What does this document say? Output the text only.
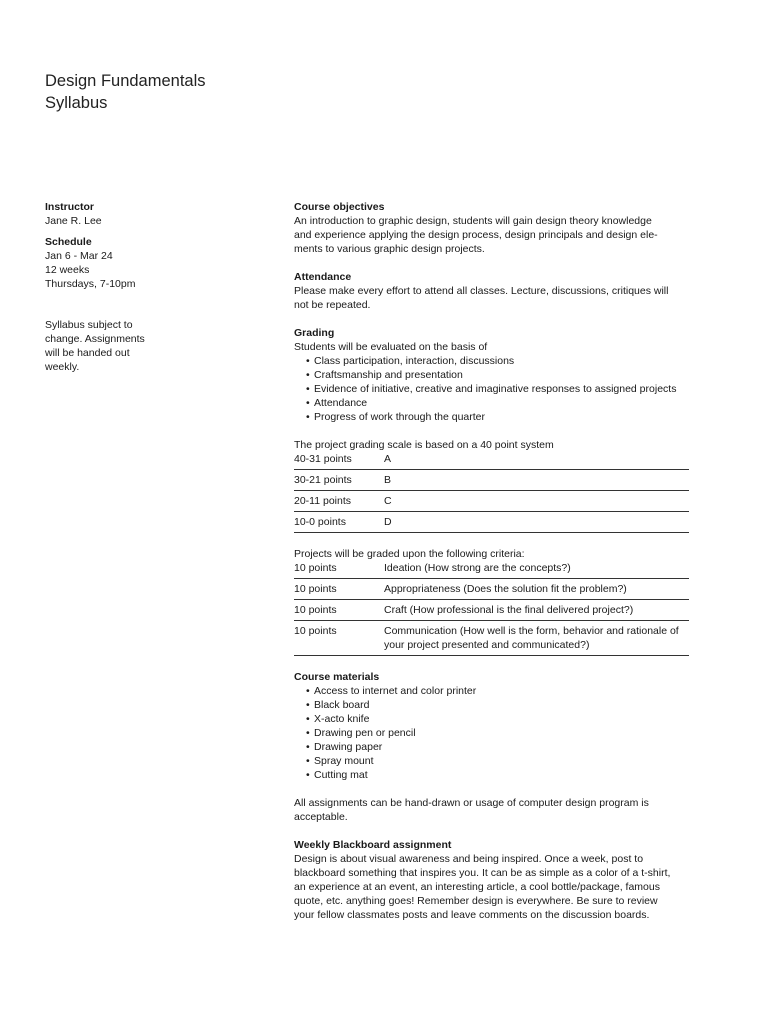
Design Fundamentals
Syllabus
Instructor
Jane R. Lee
Schedule
Jan 6 - Mar 24
12 weeks
Thursdays, 7-10pm
Syllabus subject to
change. Assignments
will be handed out
weekly.
Course objectives
An introduction to graphic design, students will gain design theory knowledge
and experience applying the design process, design principals and design ele-
ments to various graphic design projects.
Attendance
Please make every effort to attend all classes. Lecture, discussions, critiques will
not be repeated.
Grading
Students will be evaluated on the basis of
• Class participation, interaction, discussions
• Craftsmanship and presentation
• Evidence of initiative, creative and imaginative responses to assigned projects
• Attendance
• Progress of work through the quarter
The project grading scale is based on a 40 point system
40-31 points	A
30-21 points	B
20-11 points	C
10-0 points	D
Projects will be graded upon the following criteria:
10 points	Ideation (How strong are the concepts?)
10 points	Appropriateness (Does the solution fit the problem?)
10 points	Craft (How professional is the final delivered project?)
10 points	Communication (How well is the form, behavior and rationale of your project presented and communicated?)
Course materials
• Access to internet and color printer
• Black board
• X-acto knife
• Drawing pen or pencil
• Drawing paper
• Spray mount
• Cutting mat
All assignments can be hand-drawn or usage of computer design program is
acceptable.
Weekly Blackboard assignment
Design is about visual awareness and being inspired. Once a week, post to
blackboard something that inspires you. It can be as simple as a color of a t-shirt,
an experience at an event, an interesting article, a cool bottle/package, famous
quote, etc. anything goes! Remember design is everywhere. Be sure to review
your fellow classmates posts and leave comments on the discussion boards.
